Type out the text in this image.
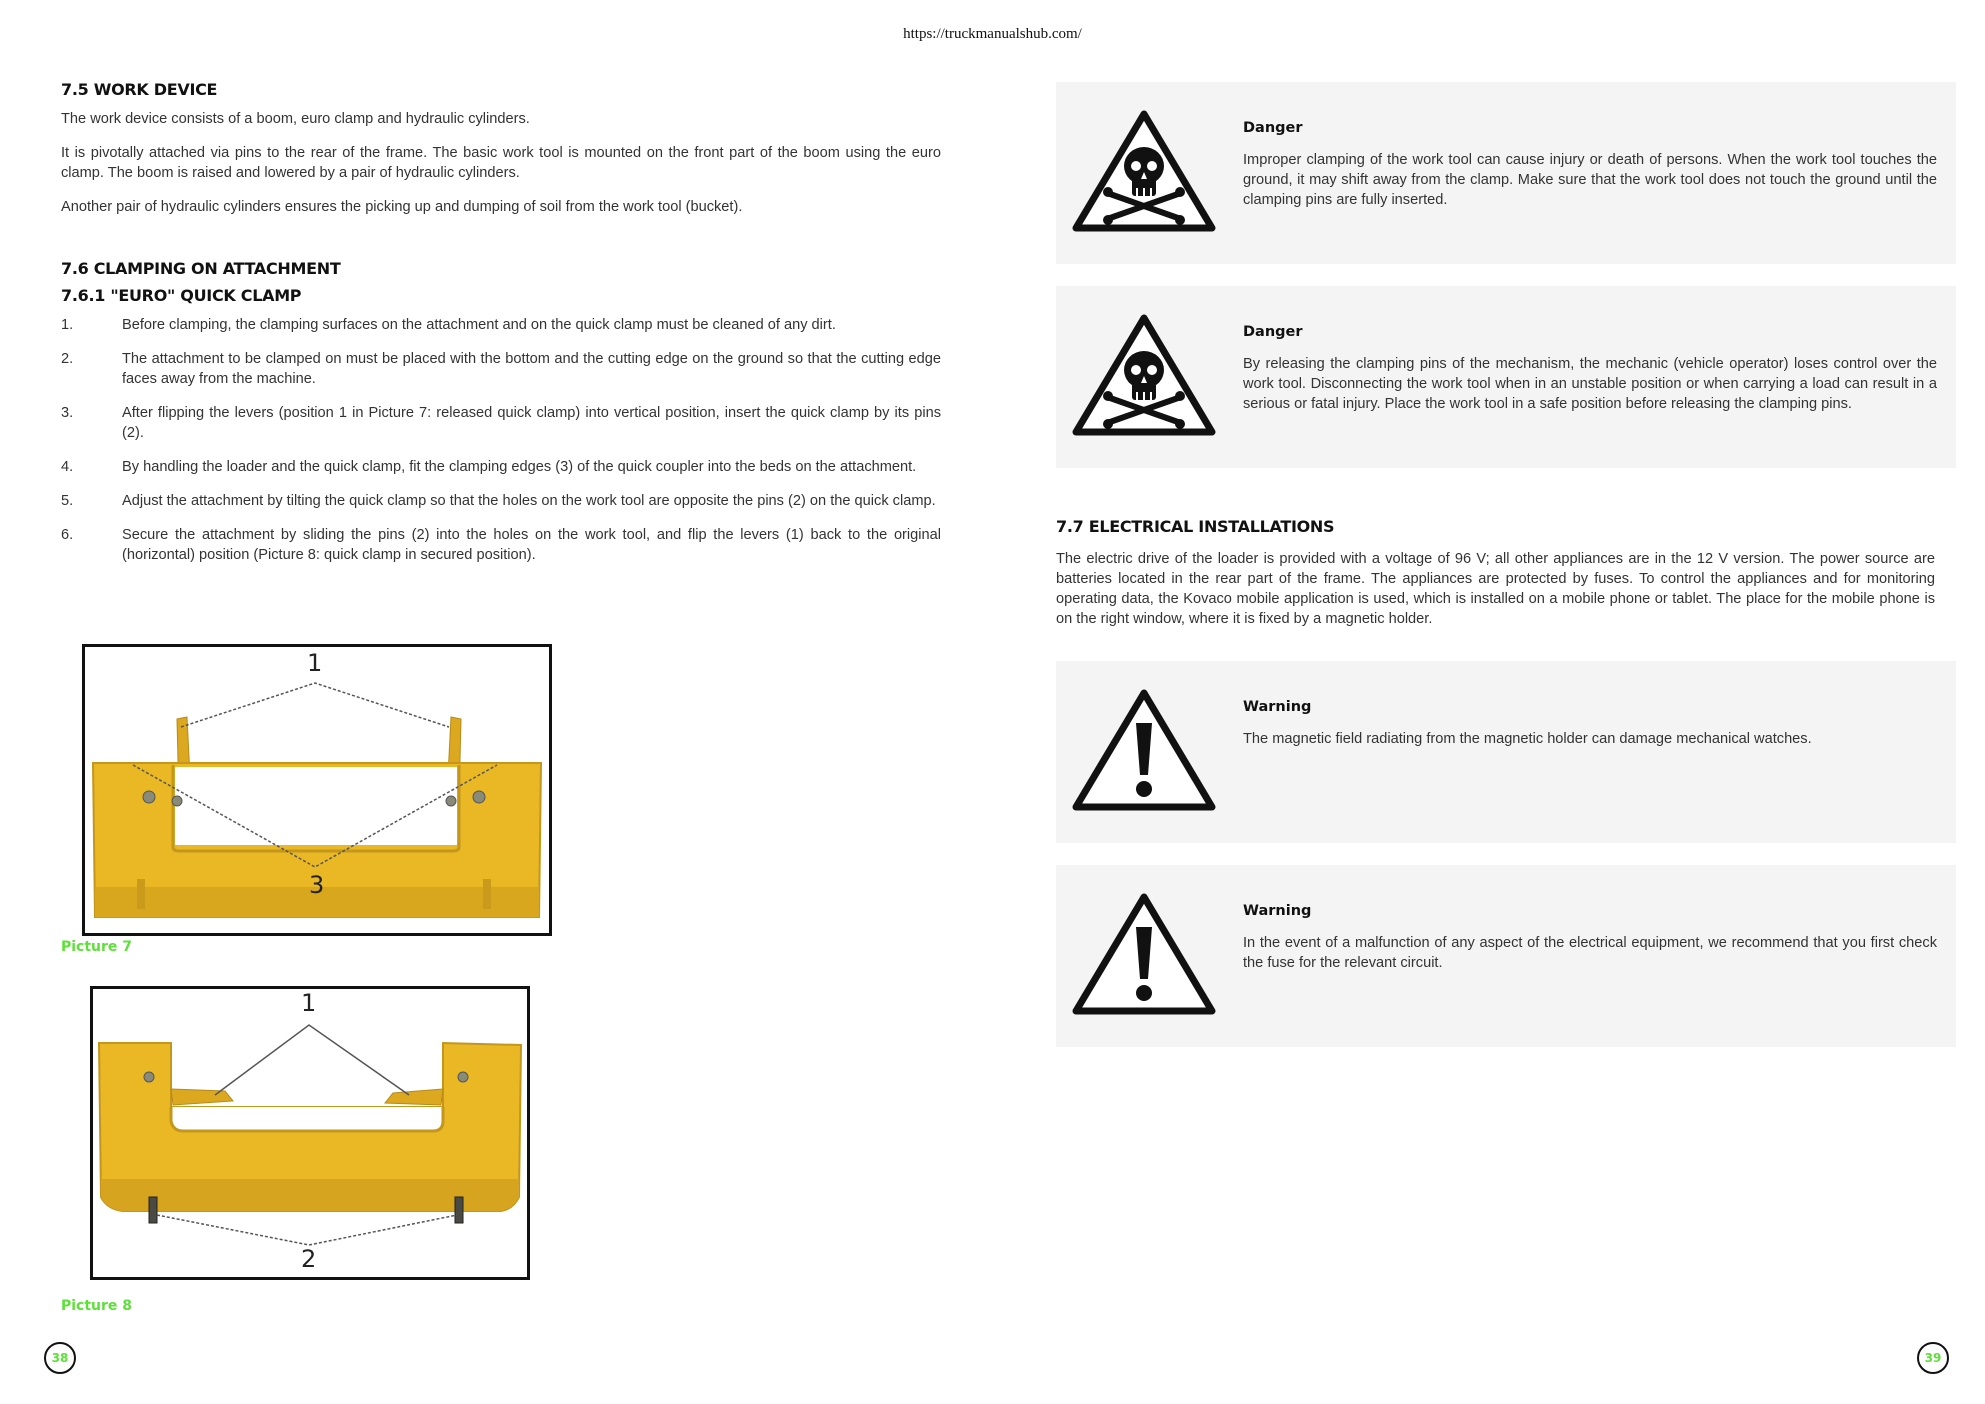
https://truckmanualshub.com/
7.5 WORK DEVICE

The work device consists of a boom, euro clamp and hydraulic cylinders.

It is pivotally attached via pins to the rear of the frame. The basic work tool is mounted on the front part of the boom using the euro clamp. The boom is raised and lowered by a pair of hydraulic cylinders.

Another pair of hydraulic cylinders ensures the picking up and dumping of soil from the work tool (bucket).

7.6 CLAMPING ON ATTACHMENT
7.6.1 "EURO" QUICK CLAMP
1.	Before clamping, the clamping surfaces on the attachment and on the quick clamp must be cleaned of any dirt.
2.	The attachment to be clamped on must be placed with the bottom and the cutting edge on the ground so that the cutting edge faces away from the machine.
3.	After flipping the levers (position 1 in Picture 7: released quick clamp) into vertical position, insert the quick clamp by its pins (2).
4.	By handling the loader and the quick clamp, fit the clamping edges (3) of the quick coupler into the beds on the attachment.
5.	Adjust the attachment by tilting the quick clamp so that the holes on the work tool are opposite the pins (2) on the quick clamp.
6.	Secure the attachment by sliding the pins (2) into the holes on the work tool, and flip the levers (1) back to the original (horizontal) position (Picture 8: quick clamp in secured position).
1
3
Picture 7
1
2
Picture 8
Danger
Improper clamping of the work tool can cause injury or death of persons. When the work tool touches the ground, it may shift away from the clamp. Make sure that the work tool does not touch the ground until the clamping pins are fully inserted.
Danger
By releasing the clamping pins of the mechanism, the mechanic (vehicle operator) loses control over the work tool. Disconnecting the work tool when in an unstable position or when carrying a load can result in a serious or fatal injury. Place the work tool in a safe position before releasing the clamping pins.
7.7 ELECTRICAL INSTALLATIONS

The electric drive of the loader is provided with a voltage of 96 V; all other appliances are in the 12 V version. The power source are batteries located in the rear part of the frame. The appliances are protected by fuses. To control the appliances and for monitoring operating data, the Kovaco mobile application is used, which is installed on a mobile phone or tablet. The place for the mobile phone is on the right window, where it is fixed by a magnetic holder.

Warning
The magnetic field radiating from the magnetic holder can damage mechanical watches.
Warning
In the event of a malfunction of any aspect of the electrical equipment, we recommend that you first check the fuse for the relevant circuit.
38	39
